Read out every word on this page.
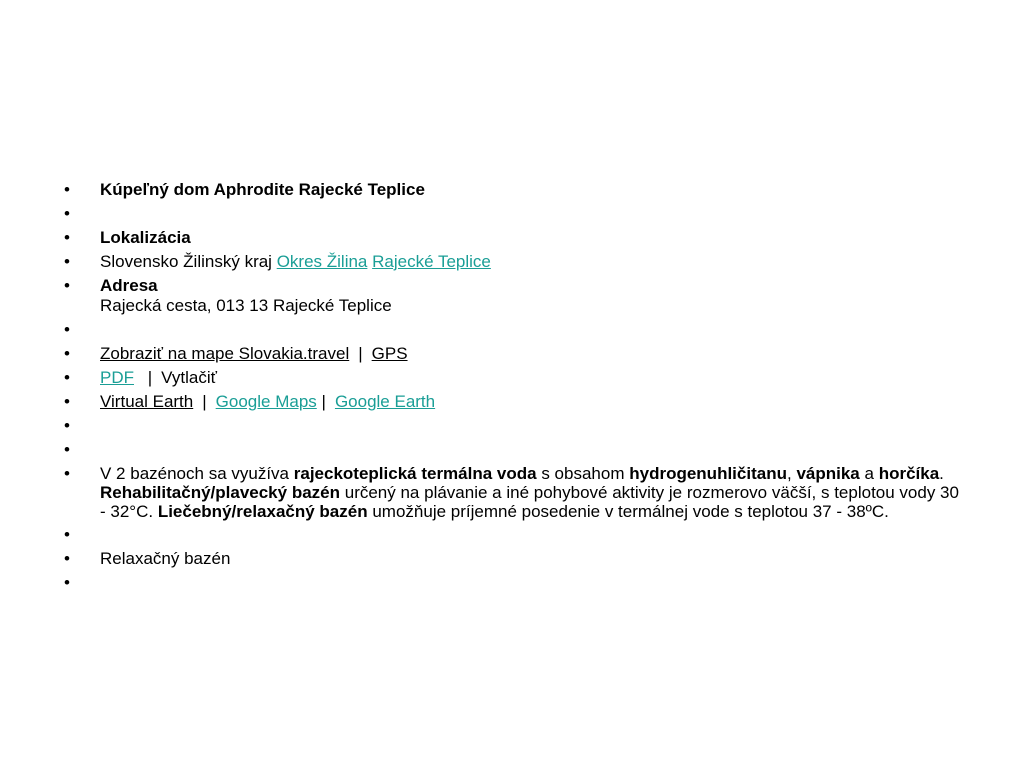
• Kúpeľný dom Aphrodite Rajecké Teplice
•
• Lokalizácia
• Slovensko Žilinský kraj Okres Žilina Rajecké Teplice
• Adresa
Rajecká cesta, 013 13 Rajecké Teplice
•
• Zobraziť na mape Slovakia.travel | GPS
• PDF | Vytlačiť
• Virtual Earth | Google Maps | Google Earth
•
•
• V 2 bazénoch sa využíva rajeckoteplická termálna voda s obsahom hydrogenuhličitanu, vápnika a horčíka. Rehabilitačný/plavecký bazén určený na plávanie a iné pohybové aktivity je rozmerovo väčší, s teplotou vody 30 - 32°C. Liečebný/relaxačný bazén umožňuje príjemné posedenie v termálnej vode s teplotou 37 - 38ºC.
•
• Relaxačný bazén
•
